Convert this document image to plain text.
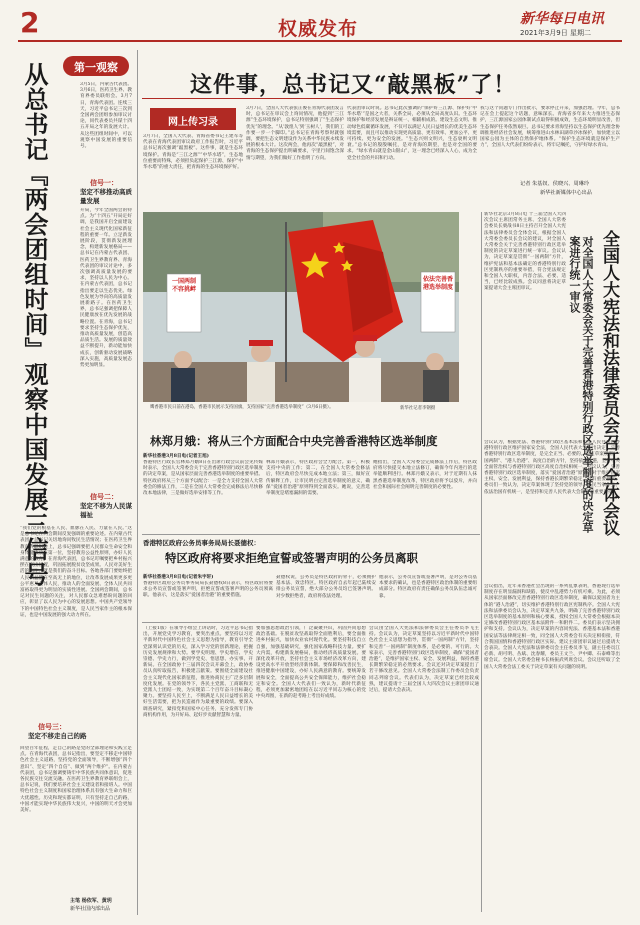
2	权威发布	新华每日电讯
2021年3月9日 星期二
第一观察
从总书记『两会团组时间』观察中国发展三信号	3月5日，内蒙古代表团。3月6日，医药卫生界、教育界委员联组会。3月7日，青海代表团。连续三天，习近平总书记三次到全国两会团组参加审议讨论，同代表委员共谋十四五开局之年的发展大计。从这些团组时间中，可以观察中国发展的重要信号。
信号一：
坚定不移推动高质量发展
开局，今年全国两会的特点。为“十四五”开局定好调，是我国开启全面建设社会主义现代化国家新征程的重要一年。立足新发展阶段，贯彻新发展理念，构建新发展格局——总书记在内蒙古代表团、医药卫生界教育界、青海代表团的审议讨论中，多次强调高质量发展的要求，坚持以人民为中心。在内蒙古代表团，总书记指出要走以生态优先、绿色发展为导向的高质量发展新路子。在医药卫生界，总书记强调把保障人民健康放在优先发展的战略位置。在青海，总书记要求坚持生态保护优先，推动高质量发展，创造高品质生活。发展的质量效益不断提升，新动能加快成长，创新驱动发展战略深入实施，高质量发展态势更加明显。
信号二：
坚定不移为人民谋福祉
“我们党的根基在人民、血脉在人民、力量在人民。”这是总书记在两会期间反复强调的重要论述。在内蒙古代表团，总书记关切地询问牧民生活情况；在医药卫生界教育界联组会上，总书记强调要把人民群众生命安全和身体健康放在第一位，坚持教育公益性原则，办好人民满意的教育。在青海代表团，总书记叮嘱要把乡村振兴摆在突出位置，巩固拓展脱贫攻坚成果。人民对美好生活的向往，就是我们的奋斗目标。各地各部门要始终把人民利益摆在至高无上的地位，让改革发展成果更多更公平惠及全体人民，推动人的全面发展、全体人民共同富裕取得更为明显的实质性进展。全国两会期间，总书记对民生问题的关注，对人民群众急难愁盼问题的回应，彰显了以人民为中心的发展思想。中国共产党领导下的中国特色社会主义制度，是人民当家作主的根本保证，也是中国发展的强大动力所在。
信号三：
坚定不移走自己的路
回望百年征程，走自己的路是党的全部理论和实践立足点。在青海代表团，总书记指出，要坚定不移走中国特色社会主义道路，坚持党的全面领导，不断增强“四个意识”、坚定“四个自信”、做到“两个维护”。在内蒙古代表团，总书记强调要铸牢中华民族共同体意识，促进各民族交往交流交融。在医药卫生界教育界联组会上，总书记说，我们要培养社会主义建设者和接班人。中国特色社会主义制度和国家治理体系具有强大生命力和巨大优越性。历史和现实都证明，只有坚持走自己的路，中国才能实现中华民族伟大复兴，中国的明天才会更加美好。
主笔 杨依军、黄玥
新华社国内部出品
这件事，总书记又“敲黑板”了！
网上传习录
3月7日，全国人大代表、青海省委书记王建军等代表在青海代表团审议政府工作报告时，习近平总书记再次强调“敲黑板”。这件事，就是生态环境保护。青海是“三江之源”“中华水塔”，生态地位重要而特殊，必须担负起保护三江源、保护“中华水塔”的重大责任，把青海的生态环境保护好。
3月7日，全国人大代表张正俊在青海代表团发言时，总书记在审议会上询问情况，他提到“三江源”生态环境保护，总书记特别强调了“生态保护优先”的理念。“从‘敦煌人’到‘玉树人’，我们的工作要一步一个脚印。”总书记在青海考察时就强调，要把生态文明建设作为关系中华民族永续发展的根本大计。这次两会，他再次“敲黑板”，对青海的生态保护提出明确要求，字里行间饱含深情与期望，为我们做好工作指明了方向。
代表团审议时说。总书记此次强调的“保护好三江源、保护好‘中华水塔’”是国之大者，关系全局，必须从全局高度认识。生态环境保护和经济发展是辩证统一、相辅相成的。建设生态文明、推动绿色低碳循环发展，不仅可以满足人民日益增长的优美生态环境需要，而且可以推动实现更高质量、更有效率、更加公平、更可持续、更为安全的发展。“生态兴则文明兴，生态衰则文明衰。”总书记的殷殷嘱托，是对青海的期望，也是对全国的要求。“绿水青山就是金山银山”，这一理念已经深入人心，成为全党全社会的共识和行动。
我与这个问题专门作出批示，要求停止开采，加强治理。今年，总书记在会上提起这个话题，意味深长。青海省多年来大力推进生态保护，三江源国家公园体制试点取得积极成效，生态环境明显改善，但生态保护任务依然艰巨。总书记要求青海坚持以生态保护优先理念协调推进经济社会发展，统筹推进山水林田湖草沙冰保护，加快建立以国家公园为主体的自然保护地体系。“保护生态环境就是保护生产力”，全国人大代表们纷纷表示，将牢记嘱托，守护好绿水青山。
记者 朱基钗、侯晓兴、周琳玲
新华社新媒体中心出品
一国两制 不容挑衅
依法完善香港选举制度
鹰香港市民日前在港岛，香港市民展示支持国旗，支持国家“完善香港选举制度”（3月6日摄）。	新华社记者李钢摄
林郑月娥：将从三个方面配合中央完善香港特区选举制度
新华社香港3月8日电(记者王旭)
香港特区行政长官林郑月娥8日在出席行政会议前会见传媒时表示，全国人大常委会关于完善香港特别行政区选举制度的决定草案，是从国家层面完善香港选举制度的重要举措。特区政府将从三个方面予以配合：一是全力支持全国人大常委会的修法工作，二是在全国人大常委会完成修法后尽快修改本地法律，三是做好选举安排等工作。
林郑月娥表示，特区政府会全力配合。第一，积极支持中央的工作；第二，在全国人大常委会修法后，特区政府会尽快完成本地立法；第三，做好宣传解释工作，让市民明白完善选举制度的意义，确保“爱国者治港”原则得到全面落实。她说，完善选举制度是堵塞漏洞的需要。
她指出，全国人大常委会完成修法工作后，特区政府将尽快提交本地立法修订，确保今年内进行的选举能顺利进行。林郑月娥又表示，对于近期有人抹黑香港选举制度改革，特区政府将予以驳斥，并向社会和国际社会阐明完善制度的必要性。
香港特区政府公务员事务局局长聂德权：
特区政府将要求拒绝宣誓或签署声明的公务员离职
新华社香港3月8日电(记者朱宇轩)
香港特区政府公务员事务局局长聂德权8日表示，特区政府将要求公务员宣誓或签署声明，拒绝宣誓或签署声明的公务员须离职。他表示，这是落实“爱国者治港”的重要措施。
聂德权说，公务员是特区政府的骨干，必须拥护基本法、效忠特区。特区政府自去年起已陆续安排公务员宣誓，绝大部分公务员均已签署声明。对少数拒绝者，政府将依法处理。
他表示，公务员宣誓或签署声明，是对公务员基本要求的确认，也是香港特区政治体制的重要组成部分。特区政府有责任确保公务员队伍忠诚可靠。
（上接1版）在领导小组会上讲话时，习近平总书记指出，开展党史学习教育，要突出重点。要坚持以习近平新时代中国特色社会主义思想为指导，教育引导全党深刻认识党的历史，深入学习党的创新理论，把握历史发展规律和大势。要学史明理、学史增信、学史崇德、学史力行，做到学党史、悟思想、办实事、开新局。在全国政协十三届四次会议开幕会上，政协委员认真听取报告，积极建言献策。要围绕全面建设社会主义现代化国家新征程，推进协商民主广泛多层制度化发展。在党的领导下，各民主党派、工商联和无党派人士团结一致，为实现第二个百年奋斗目标凝心聚力。要坚持人民至上，不断满足人民日益增长的美好生活需要，把为民造福作为最重要的政绩。要深入调查研究，紧扣党和国家中心任务，充分发挥专门协商机构作用，为开好局、起好步贡献智慧和力量。
要加强思想政治引领，广泛凝聚共识，巩固共同思想政治基础。在脱贫攻坚战取得全面胜利后，要全面推进乡村振兴，加快农业农村现代化。要坚持科技自立自强，加强基础研究，强化国家战略科技力量。要扩大内需，构建新发展格局，推动经济高质量发展。要深化改革开放，坚持社会主义市场经济改革方向，建设更高水平开放型经济新体制。要保障和改善民生，推进健康中国建设，办好人民满意的教育。要统筹发展和安全，全面提高公共安全保障能力，维护社会稳定和安全。全国人大代表们一致认为，新时代新征程，必须更加紧密地团结在以习近平同志为核心的党中央周围，在新的赶考路上考出好成绩。
会议由全国人大宪法和法律委员会主任委员李飞主持。会议认为，决定草案坚持以习近平新时代中国特色社会主义思想为指导，贯彻“一国两制”方针，坚持和完善“一国两制”制度体系，是必要的、可行的。大家表示，完善香港特别行政区选举制度，确保“爱国者治港”，是维护国家主权、安全、发展利益，保持香港长期繁荣稳定的必然要求。会议还对决定草案提出了若干修改意见。全国人大常委会法制工作委员会负责同志列席会议。代表们认为，决定草案已经比较成熟，建议提请十三届全国人大四次会议主席团审议通过后，提请大会表决。
新华社北京3月8日电 十三届全国人大四次会议主席团常务主席、全国人大常委会委员长栗战书8日主持召开全国人大宪法和法律委员会全体会议，根据全国人大常委会委员长会议的建议，对全国人大常委会关于完善香港特别行政区选举制度的决定草案进行统一审议。会议认为，决定草案是贯彻“一国两制”方针，维护宪法和基本法确定的香港特别行政区宪制秩序的重要举措，符合宪法规定和全国人大职权，内容合法、必要、适当，已经比较成熟。会议同意将决定草案提请大会主席团审议。	全国人大宪法和法律委员会召开全体会议
对全国人大常委会关于完善香港特别行政区选举制度的决定草案进行统一审议
会议认为，根据宪法、香港特别行政区基本法和中华人民共和国香港特别行政区维护国家安全法，全国人民代表大会作出决定，完善香港特别行政区选举制度，是完全正当、必要的。决定草案贯彻“一国两制”、“港人治港”、高度自治的方针，坚持依法治港，坚持中央全面管治权与香港特别行政区高度自治权相统一。会议认为，完善香港特别行政区选举制度，落实“爱国者治港”原则，对于维护国家主权、安全、发展利益，保持香港长期繁荣稳定，具有重要意义。委员们一致认为，决定草案体现了坚持党的领导、人民当家作主、依法治国有机统一，是坚持和完善人民代表大会制度的重要举措。
会议指出，近年来香港社会出现的一系列乱象表明，香港现行选举制度存在明显漏洞和缺陷，使反中乱港势力有机可乘。为此，必须从国家层面修改完善香港特别行政区选举制度，确保以爱国者为主体的“港人治港”，切实维护香港特别行政区宪制秩序。全国人大宪法和法律委员会认为，决定草案共九条，明确了完善香港特别行政区选举制度的基本原则和核心要素，授权全国人大常委会根据本决定修改香港特别行政区基本法附件一和附件二。委员们表示坚决拥护和支持。会议认为，决定草案的内容同宪法、香港基本法和香港国安法等法律规定相一致，同全国人大常委会有关决定相衔接，符合我国国情和香港特别行政区实际。建议主席团审议通过后提请大会表决。全国人大宪法和法律委员会主任委员李飞，副主任委员江必新、胡可明、丛斌、沈春耀，委员王文兰、尹中卿、石泰峰等出席会议。全国人大常委会秘书长杨振武列席会议。会议还听取了全国人大常委会法工委关于决定草案有关问题的说明。
